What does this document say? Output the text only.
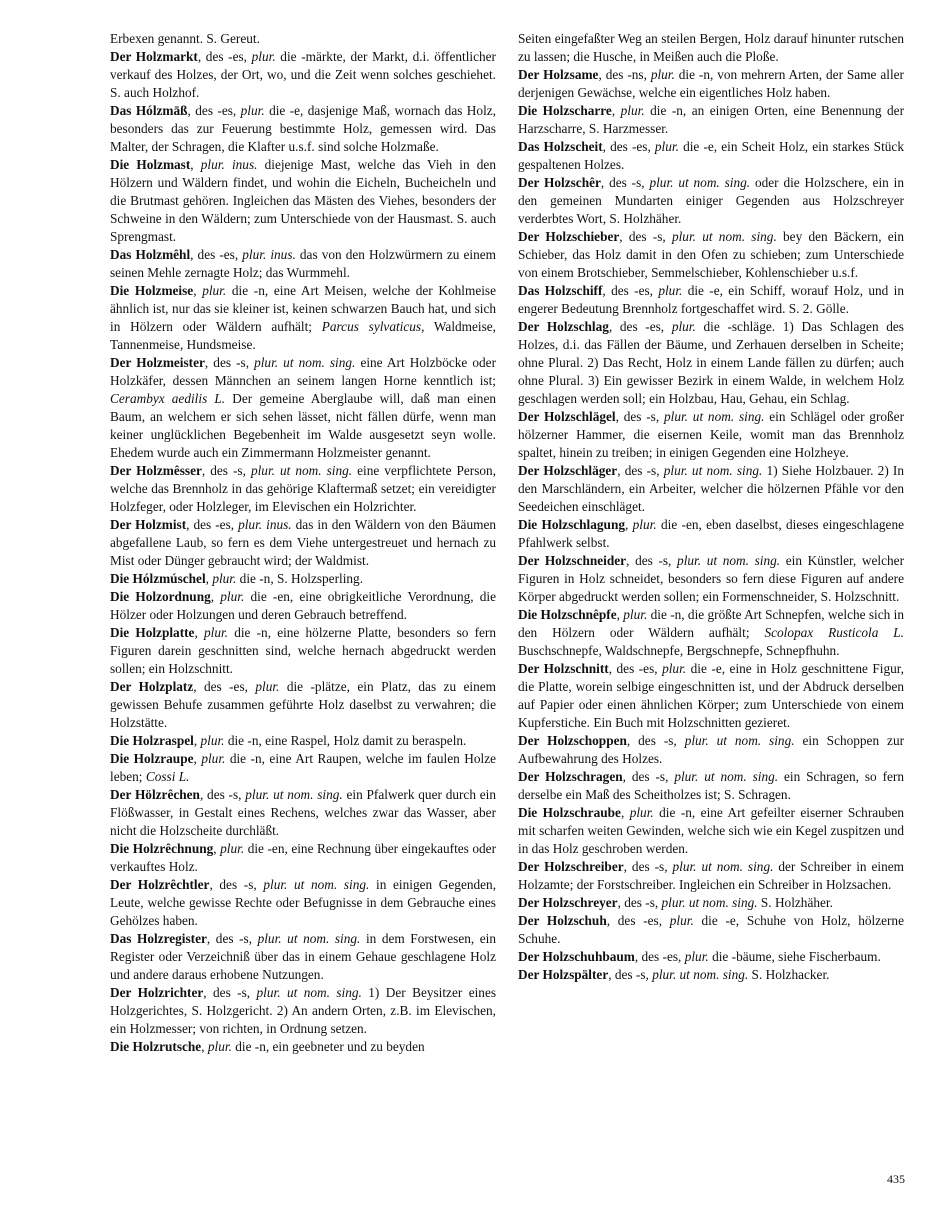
Erbexen genannt. S. Gereut.

Der Holzmarkt, des -es, plur. die -märkte, der Markt, d.i. öffentlicher verkauf des Holzes, der Ort, wo, und die Zeit wenn solches geschiehet. S. auch Holzhof.

Das Hólzmāß, des -es, plur. die -e, dasjenige Maß, wornach das Holz, besonders das zur Feuerung bestimmte Holz, gemessen wird. Das Malter, der Schragen, die Klafter u.s.f. sind solche Holzmaße.

Die Holzmast, plur. inus. diejenige Mast, welche das Vieh in den Hölzern und Wäldern findet, und wohin die Eicheln, Bucheicheln und die Brutmast gehören. Ingleichen das Mästen des Viehes, besonders der Schweine in den Wäldern; zum Unterschiede von der Hausmast. S. auch Sprengmast.

Das Holzmêhl, des -es, plur. inus. das von den Holzwürmern zu einem seinen Mehle zernagte Holz; das Wurmmehl.

Die Holzmeise, plur. die -n, eine Art Meisen, welche der Kohlmeise ähnlich ist, nur das sie kleiner ist, keinen schwarzen Bauch hat, und sich in Hölzern oder Wäldern aufhält; Parcus sylvaticus, Waldmeise, Tannenmeise, Hundsmeise.

Der Holzmeister, des -s, plur. ut nom. sing. eine Art Holzböcke oder Holzkäfer, dessen Männchen an seinem langen Horne kenntlich ist; Cerambyx aedilis L. Der gemeine Aberglaube will, daß man einen Baum, an welchem er sich sehen lässet, nicht fällen dürfe, wenn man keiner unglücklichen Begebenheit im Walde ausgesetzt seyn wolle. Ehedem wurde auch ein Zimmermann Holzmeister genannt.

Der Holzmêsser, des -s, plur. ut nom. sing. eine verpflichtete Person, welche das Brennholz in das gehörige Klaftermaß setzet; ein vereidigter Holzfeger, oder Holzleger, im Elevischen ein Holzrichter.

Der Holzmist, des -es, plur. inus. das in den Wäldern von den Bäumen abgefallene Laub, so fern es dem Viehe untergestreuet und hernach zu Mist oder Dünger gebraucht wird; der Waldmist.

Die Hólzmúschel, plur. die -n, S. Holzsperling.

Die Holzordnung, plur. die -en, eine obrigkeitliche Verordnung, die Hölzer oder Holzungen und deren Gebrauch betreffend.

Die Holzplatte, plur. die -n, eine hölzerne Platte, besonders so fern Figuren darein geschnitten sind, welche hernach abgedruckt werden sollen; ein Holzschnitt.

Der Holzplatz, des -es, plur. die -plätze, ein Platz, das zu einem gewissen Behufe zusammen geführte Holz daselbst zu verwahren; die Holzstätte.

Die Holzraspel, plur. die -n, eine Raspel, Holz damit zu beraspeln.

Die Holzraupe, plur. die -n, eine Art Raupen, welche im faulen Holze leben; Cossi L.

Der Hölzrêchen, des -s, plur. ut nom. sing. ein Pfalwerk quer durch ein Flößwasser, in Gestalt eines Rechens, welches zwar das Wasser, aber nicht die Holzscheite durchläßt.

Die Holzrêchnung, plur. die -en, eine Rechnung über eingekauftes oder verkauftes Holz.

Der Holzrêchtler, des -s, plur. ut nom. sing. in einigen Gegenden, Leute, welche gewisse Rechte oder Befugnisse in dem Gebrauche eines Gehölzes haben.

Das Holzregister, des -s, plur. ut nom. sing. in dem Forstwesen, ein Register oder Verzeichniß über das in einem Gehaue geschlagene Holz und andere daraus erhobene Nutzungen.

Der Holzrichter, des -s, plur. ut nom. sing. 1) Der Beysitzer eines Holzgerichtes, S. Holzgericht. 2) An andern Orten, z.B. im Elevischen, ein Holzmesser; von richten, in Ordnung setzen.

Die Holzrutsche, plur. die -n, ein geebneter und zu beyden

Seiten eingefaßter Weg an steilen Bergen, Holz darauf hinunter rutschen zu lassen; die Husche, in Meißen auch die Ploße.

Der Holzsame, des -ns, plur. die -n, von mehrern Arten, der Same aller derjenigen Gewächse, welche ein eigentliches Holz haben.

Die Holzscharre, plur. die -n, an einigen Orten, eine Benennung der Harzscharre, S. Harzmesser.

Das Holzscheit, des -es, plur. die -e, ein Scheit Holz, ein starkes Stück gespaltenen Holzes.

Der Holzschêr, des -s, plur. ut nom. sing. oder die Holzschere, ein in den gemeinen Mundarten einiger Gegenden aus Holzschreyer verderbtes Wort, S. Holzhäher.

Der Holzschieber, des -s, plur. ut nom. sing. bey den Bäckern, ein Schieber, das Holz damit in den Ofen zu schieben; zum Unterschiede von einem Brotschieber, Semmelschieber, Kohlenschieber u.s.f.

Das Holzschiff, des -es, plur. die -e, ein Schiff, worauf Holz, und in engerer Bedeutung Brennholz fortgeschaffet wird. S. 2. Gölle.

Der Holzschlag, des -es, plur. die -schläge. 1) Das Schlagen des Holzes, d.i. das Fällen der Bäume, und Zerhauen derselben in Scheite; ohne Plural. 2) Das Recht, Holz in einem Lande fällen zu dürfen; auch ohne Plural. 3) Ein gewisser Bezirk in einem Walde, in welchem Holz geschlagen werden soll; ein Holzbau, Hau, Gehau, ein Schlag.

Der Holzschlägel, des -s, plur. ut nom. sing. ein Schlägel oder großer hölzerner Hammer, die eisernen Keile, womit man das Brennholz spaltet, hinein zu treiben; in einigen Gegenden eine Holzheye.

Der Holzschläger, des -s, plur. ut nom. sing. 1) Siehe Holzbauer. 2) In den Marschländern, ein Arbeiter, welcher die hölzernen Pfähle vor den Seedeichen einschläget.

Die Holzschlagung, plur. die -en, eben daselbst, dieses eingeschlagene Pfahlwerk selbst.

Der Holzschneider, des -s, plur. ut nom. sing. ein Künstler, welcher Figuren in Holz schneidet, besonders so fern diese Figuren auf andere Körper abgedruckt werden sollen; ein Formenschneider, S. Holzschnitt.

Die Holzschnêpfe, plur. die -n, die größte Art Schnepfen, welche sich in den Hölzern oder Wäldern aufhält; Scolopax Rusticola L. Buschschnepfe, Waldschnepfe, Bergschnepfe, Schnepfhuhn.

Der Holzschnitt, des -es, plur. die -e, eine in Holz geschnittene Figur, die Platte, worein selbige eingeschnitten ist, und der Abdruck derselben auf Papier oder einen ähnlichen Körper; zum Unterschiede von einem Kupferstiche. Ein Buch mit Holzschnitten gezieret.

Der Holzschoppen, des -s, plur. ut nom. sing. ein Schoppen zur Aufbewahrung des Holzes.

Der Holzschragen, des -s, plur. ut nom. sing. ein Schragen, so fern derselbe ein Maß des Scheitholzes ist; S. Schragen.

Die Holzschraube, plur. die -n, eine Art gefeilter eiserner Schrauben mit scharfen weiten Gewinden, welche sich wie ein Kegel zuspitzen und in das Holz geschroben werden.

Der Holzschreiber, des -s, plur. ut nom. sing. der Schreiber in einem Holzamte; der Forstschreiber. Ingleichen ein Schreiber in Holzsachen.

Der Holzschreyer, des -s, plur. ut nom. sing. S. Holzhäher.

Der Holzschuh, des -es, plur. die -e, Schuhe von Holz, hölzerne Schuhe.

Der Holzschuhbaum, des -es, plur. die -bäume, siehe Fischerbaum.

Der Holzspälter, des -s, plur. ut nom. sing. S. Holzhacker.

435
